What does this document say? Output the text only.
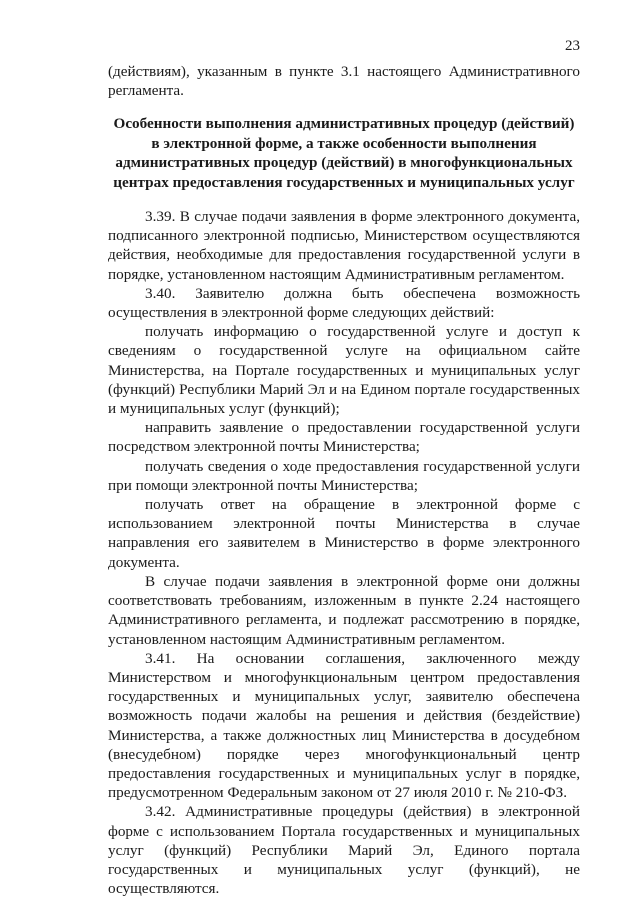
23

(действиям), указанным в пункте 3.1 настоящего Административного регламента.

Особенности выполнения административных процедур (действий)
в электронной форме, а также особенности выполнения
административных процедур (действий) в многофункциональных
центрах предоставления государственных и муниципальных услуг

3.39. В случае подачи заявления в форме электронного документа, подписанного электронной подписью, Министерством осуществляются действия, необходимые для предоставления государственной услуги в порядке, установленном настоящим Административным регламентом.

3.40. Заявителю должна быть обеспечена возможность осуществления в электронной форме следующих действий:

получать информацию о государственной услуге и доступ к сведениям о государственной услуге на официальном сайте Министерства, на Портале государственных и муниципальных услуг (функций) Республики Марий Эл и на Едином портале государственных и муниципальных услуг (функций);

направить заявление о предоставлении государственной услуги посредством электронной почты Министерства;

получать сведения о ходе предоставления государственной услуги при помощи электронной почты Министерства;

получать ответ на обращение в электронной форме с использованием электронной почты Министерства в случае направления его заявителем в Министерство в форме электронного документа.

В случае подачи заявления в электронной форме они должны соответствовать требованиям, изложенным в пункте 2.24 настоящего Административного регламента, и подлежат рассмотрению в порядке, установленном настоящим Административным регламентом.

3.41. На основании соглашения, заключенного между Министерством и многофункциональным центром предоставления государственных и муниципальных услуг, заявителю обеспечена возможность подачи жалобы на решения и действия (бездействие) Министерства, а также должностных лиц Министерства в досудебном (внесудебном) порядке через многофункциональный центр предоставления государственных и муниципальных услуг в порядке, предусмотренном Федеральным законом от 27 июля 2010 г. № 210-ФЗ.

3.42. Административные процедуры (действия) в электронной форме с использованием Портала государственных и муниципальных услуг (функций) Республики Марий Эл, Единого портала государственных и муниципальных услуг (функций), не осуществляются.
